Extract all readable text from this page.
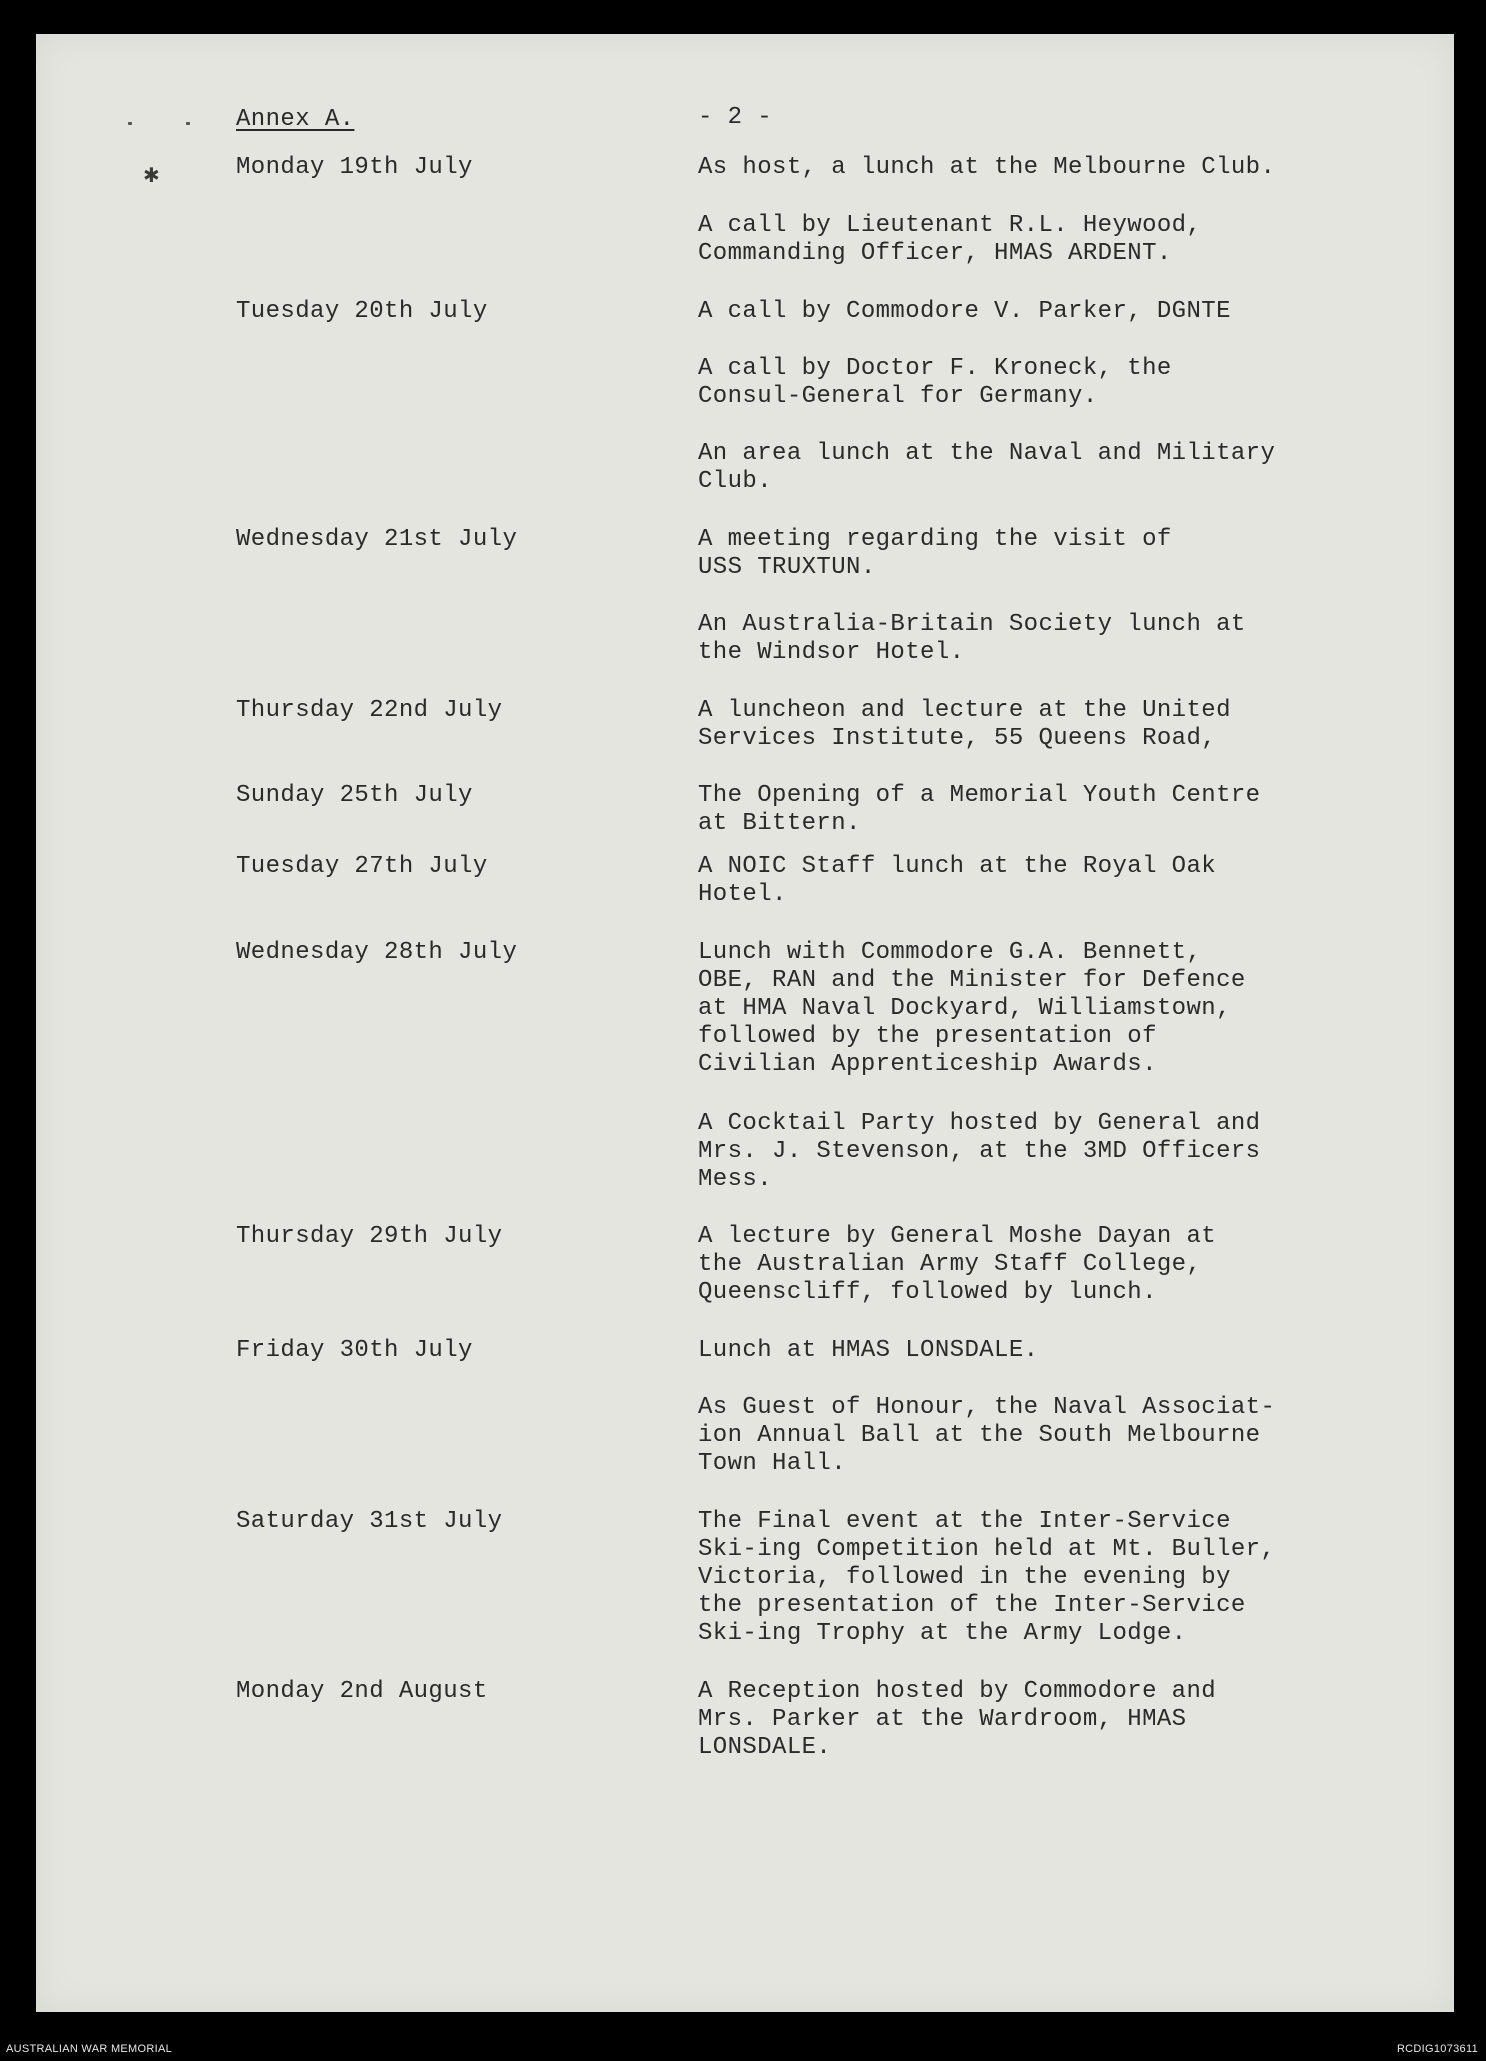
✱
Annex A.	- 2 -
Monday 19th July	As host, a lunch at the Melbourne Club.
A call by Lieutenant R.L. Heywood,
Commanding Officer, HMAS ARDENT.
Tuesday 20th July	A call by Commodore V. Parker, DGNTE
A call by Doctor F. Kroneck, the
Consul-General for Germany.
An area lunch at the Naval and Military
Club.
Wednesday 21st July	A meeting regarding the visit of
USS TRUXTUN.
An Australia-Britain Society lunch at
the Windsor Hotel.
Thursday 22nd July	A luncheon and lecture at the United
Services Institute, 55 Queens Road,
Sunday 25th July	The Opening of a Memorial Youth Centre
at Bittern.
Tuesday 27th July	A NOIC Staff lunch at the Royal Oak
Hotel.
Wednesday 28th July	Lunch with Commodore G.A. Bennett,
OBE, RAN and the Minister for Defence
at HMA Naval Dockyard, Williamstown,
followed by the presentation of
Civilian Apprenticeship Awards.
A Cocktail Party hosted by General and
Mrs. J. Stevenson, at the 3MD Officers
Mess.
Thursday 29th July	A lecture by General Moshe Dayan at
the Australian Army Staff College,
Queenscliff, followed by lunch.
Friday 30th July	Lunch at HMAS LONSDALE.
As Guest of Honour, the Naval Associat-
ion Annual Ball at the South Melbourne
Town Hall.
Saturday 31st July	The Final event at the Inter-Service
Ski-ing Competition held at Mt. Buller,
Victoria, followed in the evening by
the presentation of the Inter-Service
Ski-ing Trophy at the Army Lodge.
Monday 2nd August	A Reception hosted by Commodore and
Mrs. Parker at the Wardroom, HMAS
LONSDALE.
AUSTRALIAN WAR MEMORIAL	RCDIG1073611
